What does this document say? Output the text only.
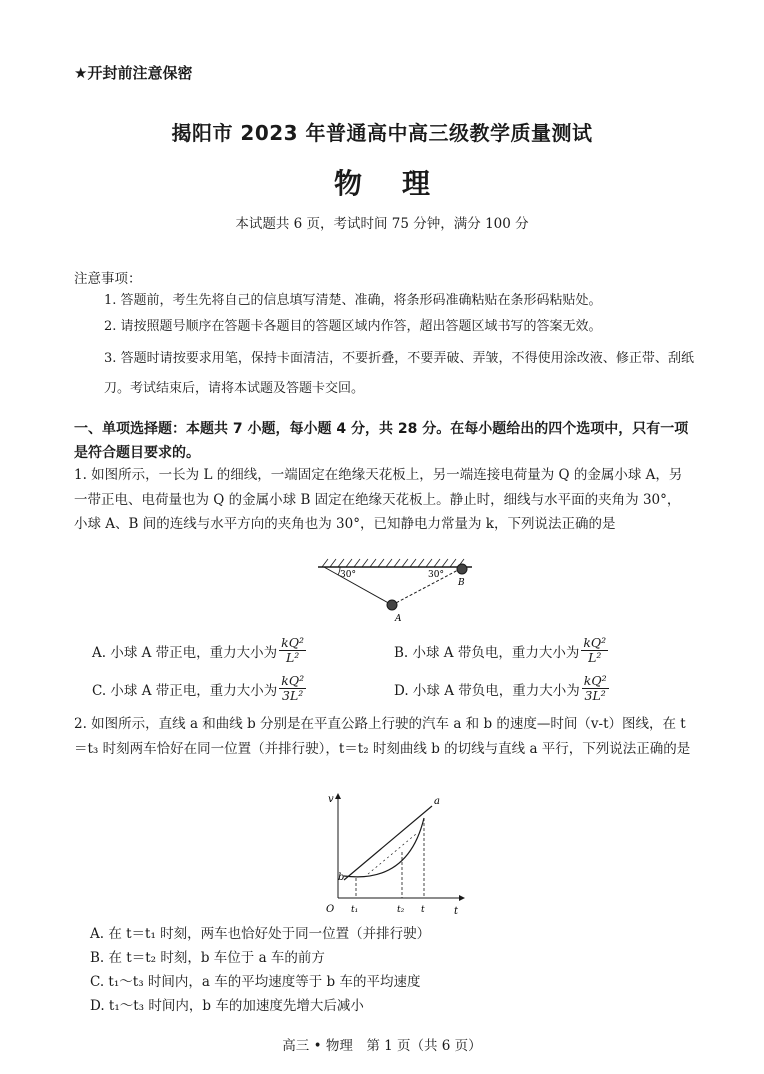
★开封前注意保密
揭阳市 2023 年普通高中高三级教学质量测试
物理
本试题共 6 页，考试时间 75 分钟，满分 100 分
注意事项：
1. 答题前，考生先将自己的信息填写清楚、准确，将条形码准确粘贴在条形码粘贴处。
2. 请按照题号顺序在答题卡各题目的答题区域内作答，超出答题区域书写的答案无效。
3. 答题时请按要求用笔，保持卡面清洁，不要折叠，不要弄破、弄皱，不得使用涂改液、修正带、刮纸刀。考试结束后，请将本试题及答题卡交回。
一、单项选择题：本题共 7 小题，每小题 4 分，共 28 分。在每小题给出的四个选项中，只有一项是符合题目要求的。
1. 如图所示，一长为 L 的细线，一端固定在绝缘天花板上，另一端连接电荷量为 Q 的金属小球 A，另一带正电、电荷量也为 Q 的金属小球 B 固定在绝缘天花板上。静止时，细线与水平面的夹角为 30°，小球 A、B 间的连线与水平方向的夹角也为 30°，已知静电力常量为 k，下列说法正确的是
30°	30°
A
B
A. 小球 A 带正电，重力大小为 $\frac{\text{kQ²}}{\text{L²}}$	B. 小球 A 带负电，重力大小为 $\frac{\text{kQ²}}{\text{L²}}$
C. 小球 A 带正电，重力大小为 $\frac{\text{kQ²}}{\text{3L²}}$	D. 小球 A 带负电，重力大小为 $\frac{\text{kQ²}}{\text{3L²}}$
2. 如图所示，直线 a 和曲线 b 分别是在平直公路上行驶的汽车 a 和 b 的速度—时间（v-t）图线，在 t＝t₃ 时刻两车恰好在同一位置（并排行驶），t＝t₂ 时刻曲线 b 的切线与直线 a 平行，下列说法正确的是
v
t
O t₁	t₂ t
a
b
A. 在 t＝t₁ 时刻，两车也恰好处于同一位置（并排行驶）
B. 在 t＝t₂ 时刻，b 车位于 a 车的前方
C. t₁～t₃ 时间内，a 车的平均速度等于 b 车的平均速度
D. t₁～t₃ 时间内，b 车的加速度先增大后减小
高三 • 物理　第 1 页（共 6 页）
